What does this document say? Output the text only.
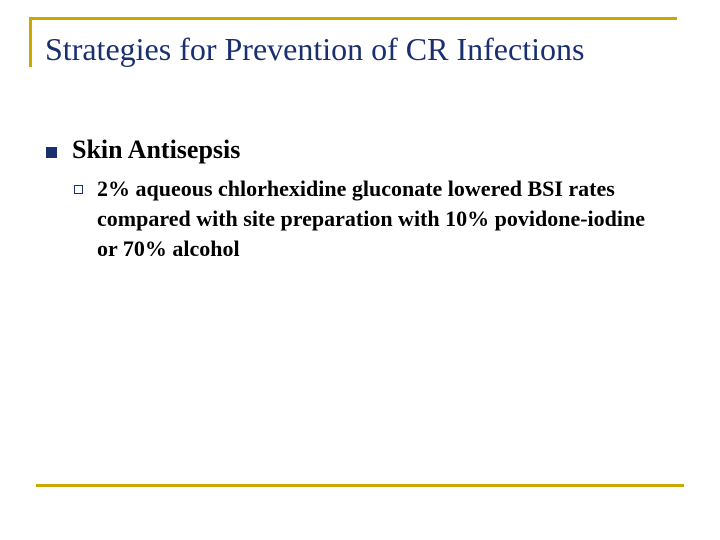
Strategies for Prevention of CR Infections
Skin Antisepsis
2% aqueous chlorhexidine gluconate lowered BSI rates compared with site preparation with 10% povidone-iodine or 70% alcohol
